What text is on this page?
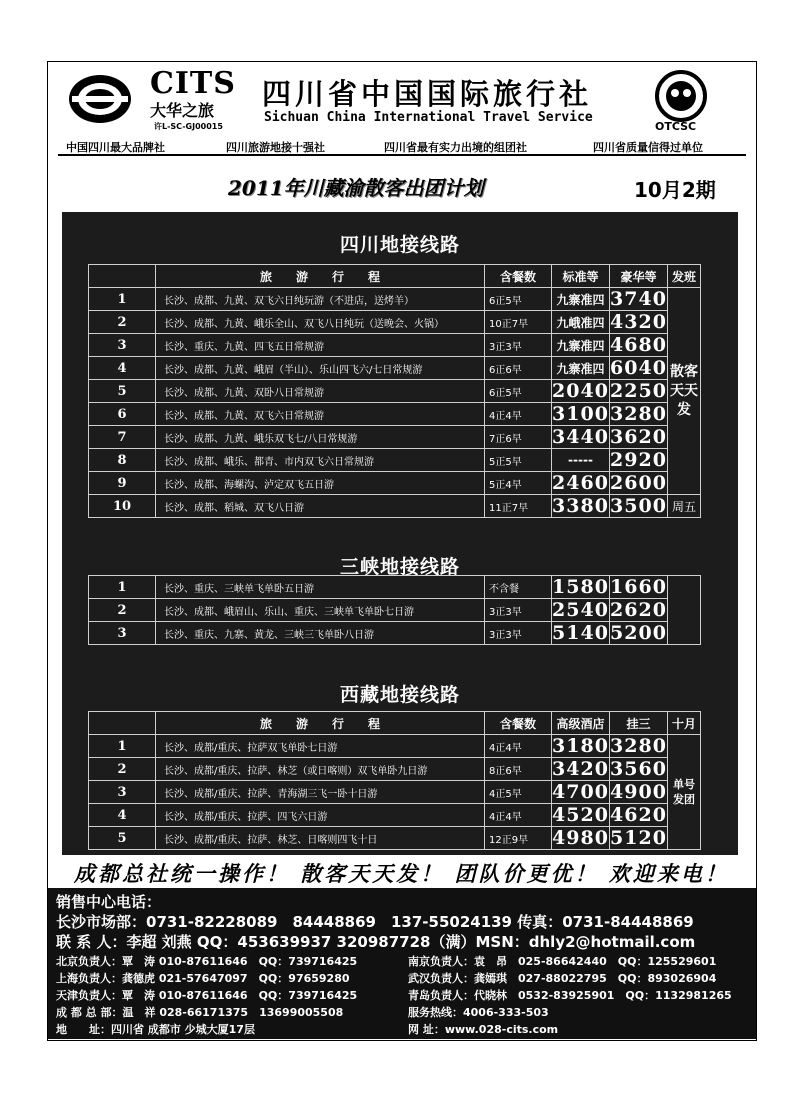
CITS
大华之旅
许L-SC-GJ00015
四川省中国国际旅行社
Sichuan China International Travel Service
OTCSC
中国四川最大品牌社	四川旅游地接十强社	四川省最有实力出境的组团社	四川省质量信得过单位
2011年川藏渝散客出团计划	10月2期
四川地接线路
	旅　　游　　行　　程	含餐数	标准等	豪华等	发班
1	长沙、成都、九黄、双飞六日纯玩游（不进店，送烤羊）	6正5早	九寨准四	3740	散客天天发
2	长沙、成都、九黄、峨乐全山、双飞八日纯玩（送晚会、火锅）	10正7早	九峨准四	4320	
3	长沙、重庆、九黄、四飞五日常规游	3正3早	九寨准四	4680	
4	长沙、成都、九黄、峨眉（半山）、乐山四飞六/七日常规游	6正6早	九寨准四	6040	
5	长沙、成都、九黄、双卧八日常规游	6正5早	2040	2250	
6	长沙、成都、九黄、双飞六日常规游	4正4早	3100	3280	
7	长沙、成都、九黄、峨乐双飞七/八日常规游	7正6早	3440	3620	
8	长沙、成都、峨乐、都青、市内双飞六日常规游	5正5早	-----	2920	
9	长沙、成都、海螺沟、泸定双飞五日游	5正4早	2460	2600	
10	长沙、成都、稻城、双飞八日游	11正7早	3380	3500	周五
三峡地接线路
1	长沙、重庆、三峡单飞单卧五日游	不含餐	1580	1660	
2	长沙、成都、峨眉山、乐山、重庆、三峡单飞单卧七日游	3正3早	2540	2620	
3	长沙、重庆、九寨、黄龙、三峡三飞单卧八日游	3正3早	5140	5200	
西藏地接线路
	旅　　游　　行　　程	含餐数	高级酒店	挂三	十月
1	长沙、成都/重庆、拉萨双飞单卧七日游	4正4早	3180	3280	单号发团
2	长沙、成都/重庆、拉萨、林芝（或日喀则）双飞单卧九日游	8正6早	3420	3560	
3	长沙、成都/重庆、拉萨、青海湖三飞一卧十日游	4正5早	4700	4900	
4	长沙、成都/重庆、拉萨、四飞六日游	4正4早	4520	4620	
5	长沙、成都/重庆、拉萨、林芝、日喀则四飞十日	12正9早	4980	5120	
成都总社统一操作！ 散客天天发！ 团队价更优！ 欢迎来电！
销售中心电话：
长沙市场部：0731-82228089　84448869　137-55024139 传真：0731-84448869
联 系 人：李超 刘燕 QQ：453639937 320987728（满）MSN：dhly2@hotmail.com
北京负责人：覃　涛 010-87611646　QQ：739716425
上海负责人：龚德虎 021-57647097　QQ：97659280
天津负责人：覃　涛 010-87611646　QQ：739716425
成 都 总 部：温　祥 028-66171375　13699005508
地　　址：四川省 成都市 少城大厦17层
南京负责人：袁　昂　025-86642440　QQ：125529601
武汉负责人：龚嫣琪　027-88022795　QQ：893026904
青岛负责人：代晓林　0532-83925901　QQ：1132981265
服务热线：4006-333-503
网 址：www.028-cits.com
